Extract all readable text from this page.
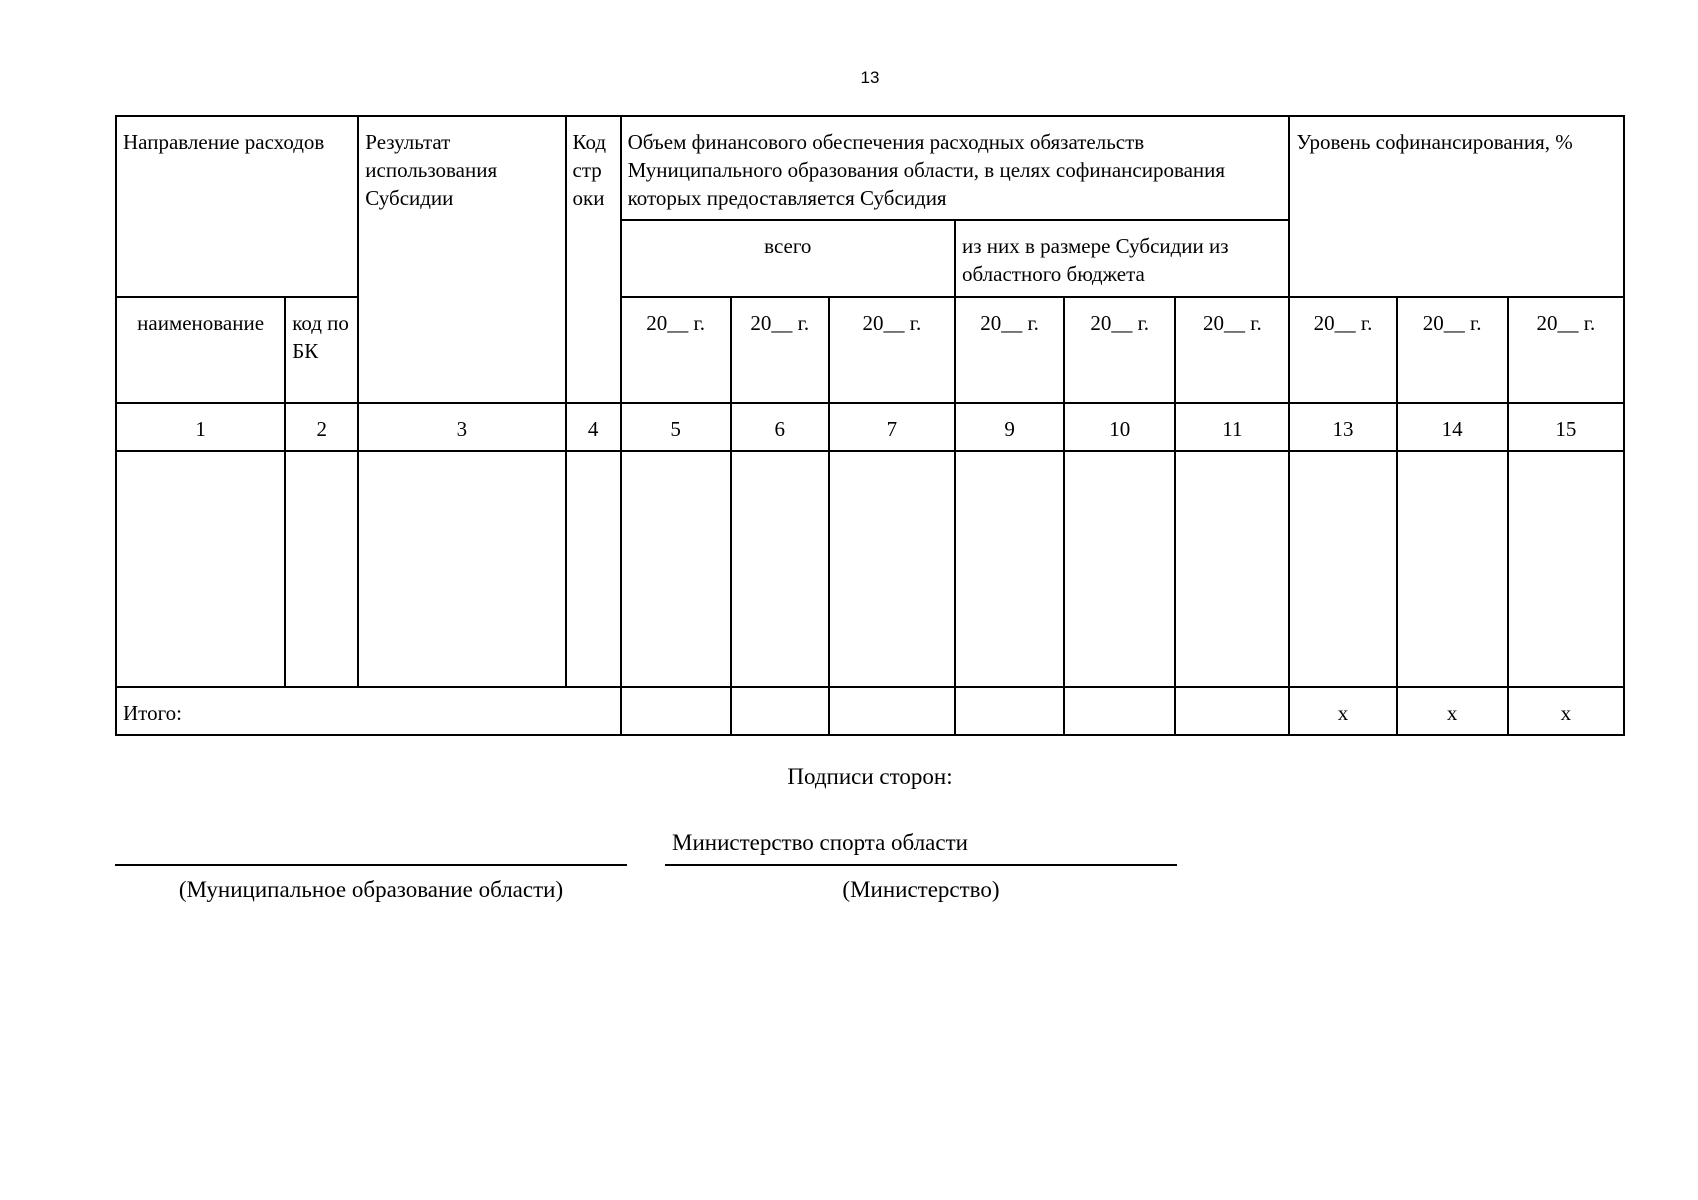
13
Направление расходов		Результат использования Субсидии	Код стр оки	Объем финансового обеспечения расходных обязательств Муниципального образования области, в целях софинансирования которых предоставляется Субсидия						Уровень софинансирования, %		
				всего			из них в размере Субсидии из областного бюджета					
наименование	код по БК			20__ г.	20__ г.	20__ г.	20__ г.	20__ г.	20__ г.	20__ г.	20__ г.	20__ г.
1	2	3	4	5	6	7	9	10	11	13	14	15

Итого:										х	х	х
Подписи сторон:
Министерство спорта области
(Муниципальное образование области)	(Министерство)
